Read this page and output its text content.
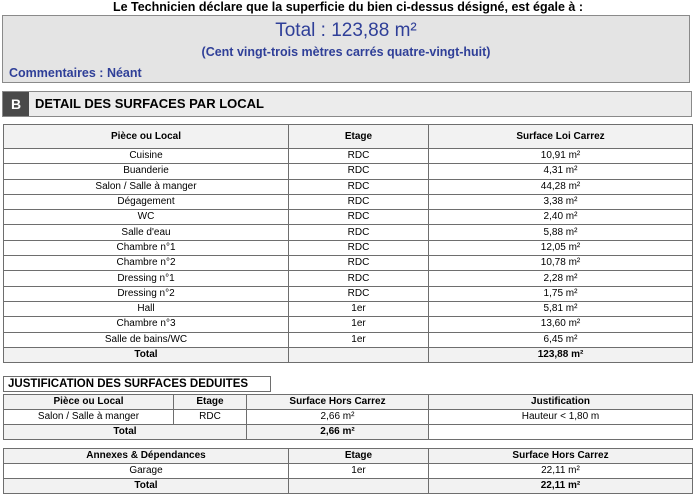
Le Technicien déclare que la superficie du bien ci-dessus désigné, est égale à :
Total : 123,88 m²
(Cent vingt-trois mètres carrés quatre-vingt-huit)
Commentaires : Néant
B	DETAIL DES SURFACES PAR LOCAL
Pièce ou Local	Etage	Surface Loi Carrez
Cuisine	RDC	10,91 m²
Buanderie	RDC	4,31 m²
Salon / Salle à manger	RDC	44,28 m²
Dégagement	RDC	3,38 m²
WC	RDC	2,40 m²
Salle d'eau	RDC	5,88 m²
Chambre n°1	RDC	12,05 m²
Chambre n°2	RDC	10,78 m²
Dressing n°1	RDC	2,28 m²
Dressing n°2	RDC	1,75 m²
Hall	1er	5,81 m²
Chambre n°3	1er	13,60 m²
Salle de bains/WC	1er	6,45 m²
Total		123,88 m²
JUSTIFICATION DES SURFACES DEDUITES
Pièce ou Local	Etage	Surface Hors Carrez	Justification
Salon / Salle à manger	RDC	2,66 m²	Hauteur < 1,80 m
Total		2,66 m²	
Annexes & Dépendances	Etage	Surface Hors Carrez
Garage	1er	22,11 m²
Total		22,11 m²
